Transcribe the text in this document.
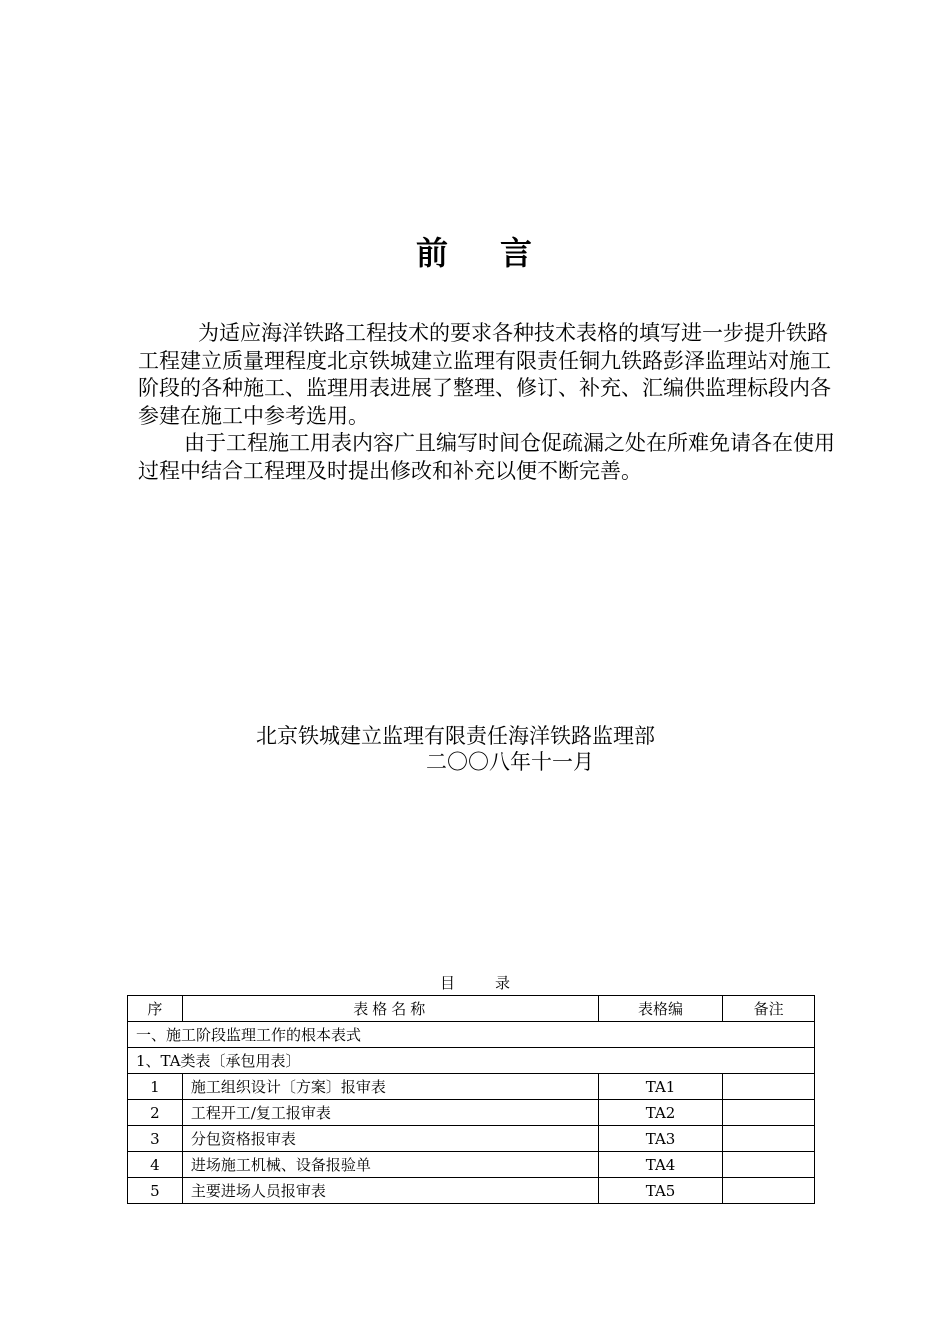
前 言

为适应海洋铁路工程技术的要求各种技术表格的填写进一步提升铁路工程建立质量理程度北京铁城建立监理有限责任铜九铁路彭泽监理站对施工阶段的各种施工、监理用表进展了整理、修订、补充、汇编供监理标段内各参建在施工中参考选用。

由于工程施工用表内容广且编写时间仓促疏漏之处在所难免请各在使用过程中结合工程理及时提出修改和补充以便不断完善。

北京铁城建立监理有限责任海洋铁路监理部
二〇〇八年十一月
目	录
序	表格名称	表格编	备注
一、施工阶段监理工作的根本表式			
1、TA类表〔承包用表〕			
1	施工组织设计〔方案〕报审表	TA1	
2	工程开工/复工报审表	TA2	
3	分包资格报审表	TA3	
4	进场施工机械、设备报验单	TA4	
5	主要进场人员报审表	TA5	
